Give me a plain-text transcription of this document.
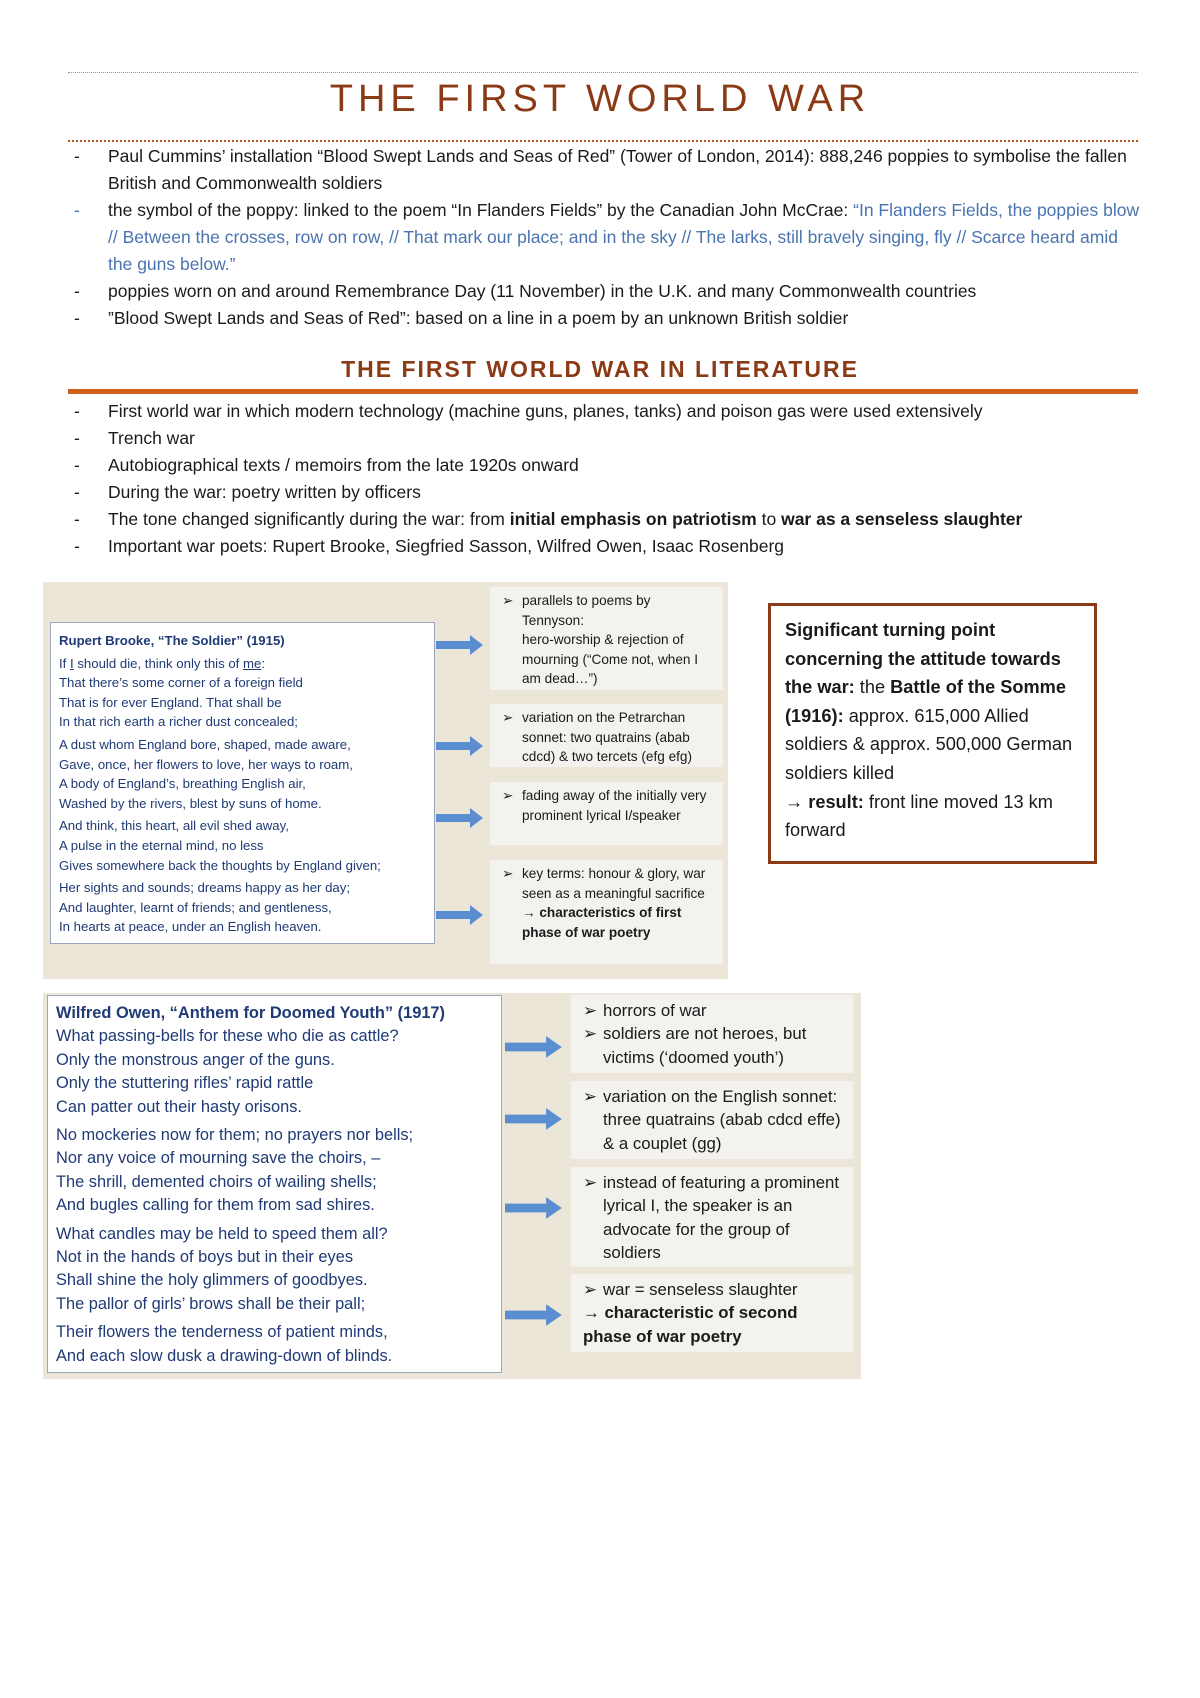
THE FIRST WORLD WAR
- Paul Cummins’ installation “Blood Swept Lands and Seas of Red” (Tower of London, 2014): 888,246 poppies to symbolise the fallen British and Commonwealth soldiers
- the symbol of the poppy: linked to the poem “In Flanders Fields” by the Canadian John McCrae: “In Flanders Fields, the poppies blow // Between the crosses, row on row, // That mark our place; and in the sky // The larks, still bravely singing, fly // Scarce heard amid the guns below.”
- poppies worn on and around Remembrance Day (11 November) in the U.K. and many Commonwealth countries
- ”Blood Swept Lands and Seas of Red”: based on a line in a poem by an unknown British soldier
THE FIRST WORLD WAR IN LITERATURE
- First world war in which modern technology (machine guns, planes, tanks) and poison gas were used extensively
- Trench war
- Autobiographical texts / memoirs from the late 1920s onward
- During the war: poetry written by officers
- The tone changed significantly during the war: from initial emphasis on patriotism to war as a senseless slaughter
- Important war poets: Rupert Brooke, Siegfried Sasson, Wilfred Owen, Isaac Rosenberg
Rupert Brooke, “The Soldier” (1915)
If I should die, think only this of me:
That there’s some corner of a foreign field
That is for ever England. That shall be
In that rich earth a richer dust concealed;
A dust whom England bore, shaped, made aware,
Gave, once, her flowers to love, her ways to roam,
A body of England’s, breathing English air,
Washed by the rivers, blest by suns of home.
And think, this heart, all evil shed away,
A pulse in the eternal mind, no less
Gives somewhere back the thoughts by England given;
Her sights and sounds; dreams happy as her day;
And laughter, learnt of friends; and gentleness,
In hearts at peace, under an English heaven.
➢ parallels to poems by Tennyson:
hero-worship & rejection of mourning (“Come not, when I am dead…”)
➢ variation on the Petrarchan sonnet: two quatrains (abab cdcd) & two tercets (efg efg)
➢ fading away of the initially very prominent lyrical I/speaker
➢ key terms: honour & glory, war seen as a meaningful sacrifice
→ characteristics of first phase of war poetry
Significant turning point concerning the attitude towards the war: the Battle of the Somme (1916): approx. 615,000 Allied soldiers & approx. 500,000 German soldiers killed
→ result: front line moved 13 km forward
Wilfred Owen, “Anthem for Doomed Youth” (1917)
What passing-bells for these who die as cattle?
Only the monstrous anger of the guns.
Only the stuttering rifles’ rapid rattle
Can patter out their hasty orisons.
No mockeries now for them; no prayers nor bells;
Nor any voice of mourning save the choirs, –
The shrill, demented choirs of wailing shells;
And bugles calling for them from sad shires.
What candles may be held to speed them all?
Not in the hands of boys but in their eyes
Shall shine the holy glimmers of goodbyes.
The pallor of girls’ brows shall be their pall;
Their flowers the tenderness of patient minds,
And each slow dusk a drawing-down of blinds.
➢ horrors of war
➢ soldiers are not heroes, but victims (‘doomed youth’)
➢ variation on the English sonnet: three quatrains (abab cdcd effe) & a couplet (gg)
➢ instead of featuring a prominent lyrical I, the speaker is an advocate for the group of soldiers
➢ war = senseless slaughter
→ characteristic of second phase of war poetry
